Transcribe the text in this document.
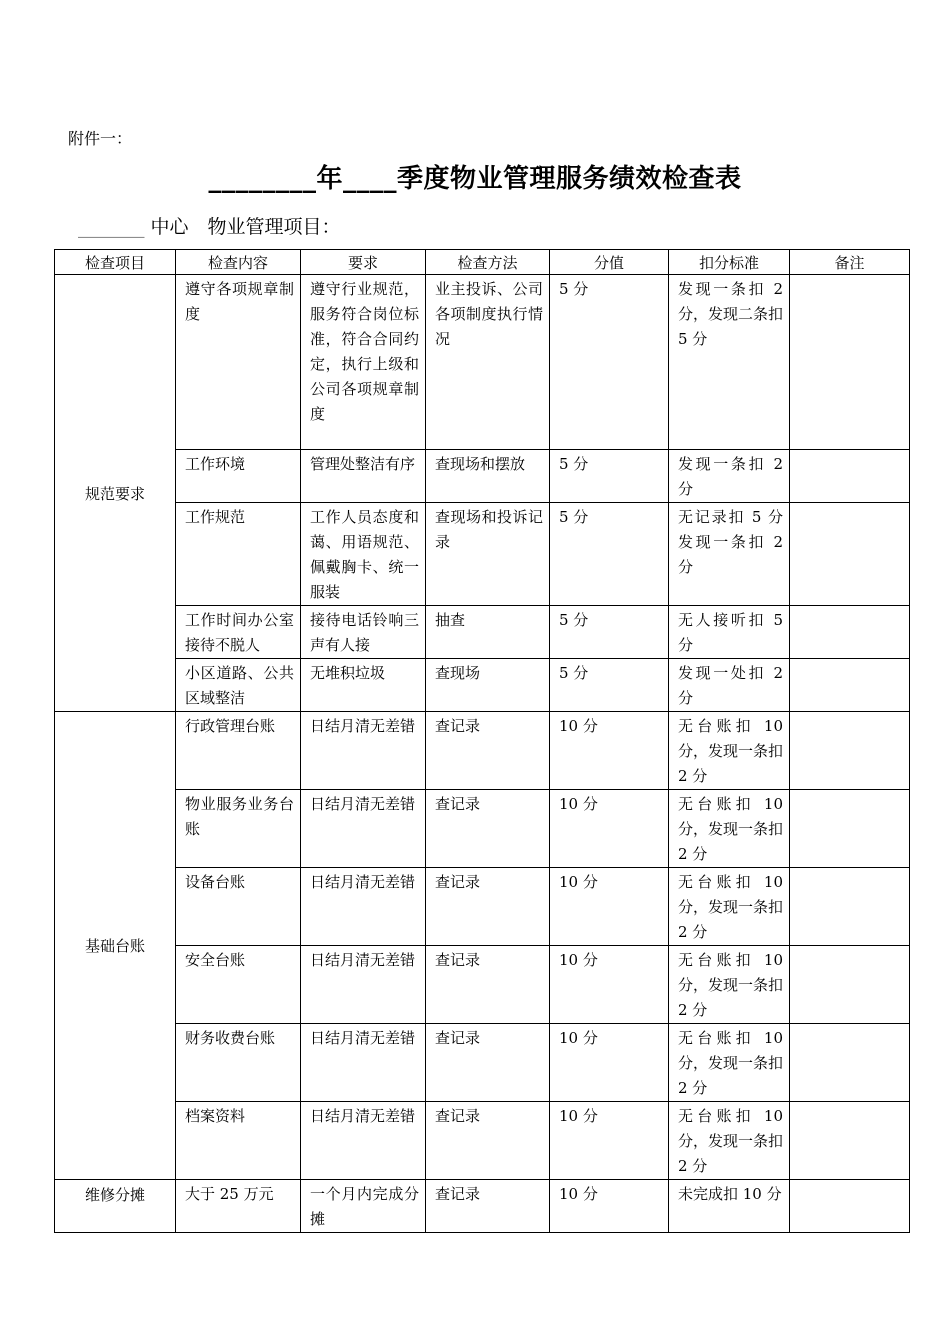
附件一：
________年____季度物业管理服务绩效检查表
_______ 中心　物业管理项目：
检查项目	检查内容	要求	检查方法	分值	扣分标准	备注
规范要求	遵守各项规章制度	遵守行业规范，服务符合岗位标准，符合合同约定，执行上级和公司各项规章制度	业主投诉、公司各项制度执行情况	5 分	发现一条扣 2 分，发现二条扣 5 分	

	工作环境	管理处整洁有序	查现场和摆放	5 分	发现一条扣 2 分	

	工作规范	工作人员态度和蔼、用语规范、佩戴胸卡、统一服装	查现场和投诉记录	5 分	无记录扣 5 分发现一条扣 2 分	

	工作时间办公室接待不脱人	接待电话铃响三声有人接	抽查	5 分	无人接听扣 5 分	

	小区道路、公共区域整洁	无堆积垃圾	查现场	5 分	发现一处扣 2 分	

基础台账	行政管理台账	日结月清无差错	查记录	10 分	无台账扣 10 分，发现一条扣 2 分	

	物业服务业务台账	日结月清无差错	查记录	10 分	无台账扣 10 分，发现一条扣 2 分	

	设备台账	日结月清无差错	查记录	10 分	无台账扣 10 分，发现一条扣 2 分	

	安全台账	日结月清无差错	查记录	10 分	无台账扣 10 分，发现一条扣 2 分	

	财务收费台账	日结月清无差错	查记录	10 分	无台账扣 10 分，发现一条扣 2 分	

	档案资料	日结月清无差错	查记录	10 分	无台账扣 10 分，发现一条扣 2 分	

维修分摊	大于 25 万元	一个月内完成分摊	查记录	10 分	未完成扣 10 分	
